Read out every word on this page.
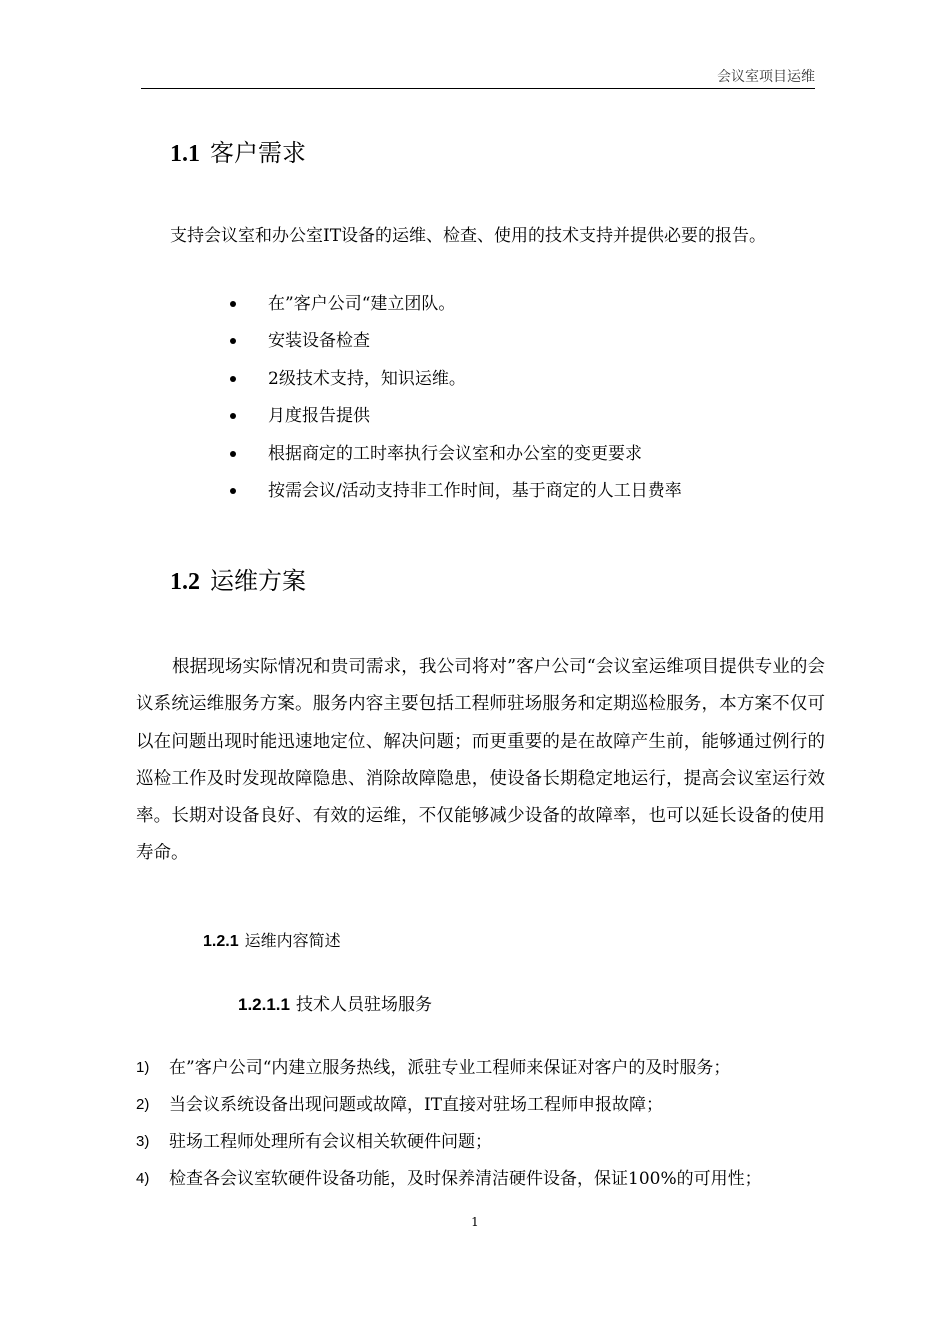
会议室项目运维
1.1 客户需求
支持会议室和办公室IT设备的运维、检查、使用的技术支持并提供必要的报告。
在”客户公司“建立团队。
安装设备检查
2级技术支持，知识运维。
月度报告提供
根据商定的工时率执行会议室和办公室的变更要求
按需会议/活动支持非工作时间，基于商定的人工日费率
1.2 运维方案

根据现场实际情况和贵司需求，我公司将对”客户公司“会议室运维项目提供专业的会议系统运维服务方案。服务内容主要包括工程师驻场服务和定期巡检服务，本方案不仅可以在问题出现时能迅速地定位、解决问题；而更重要的是在故障产生前，能够通过例行的巡检工作及时发现故障隐患、消除故障隐患，使设备长期稳定地运行，提高会议室运行效率。长期对设备良好、有效的运维，不仅能够减少设备的故障率，也可以延长设备的使用寿命。

1.2.1 运维内容简述
1.2.1.1 技术人员驻场服务
1) 在”客户公司“内建立服务热线，派驻专业工程师来保证对客户的及时服务；
2) 当会议系统设备出现问题或故障，IT直接对驻场工程师申报故障；
3) 驻场工程师处理所有会议相关软硬件问题；
4) 检查各会议室软硬件设备功能，及时保养清洁硬件设备，保证100%的可用性；
1
